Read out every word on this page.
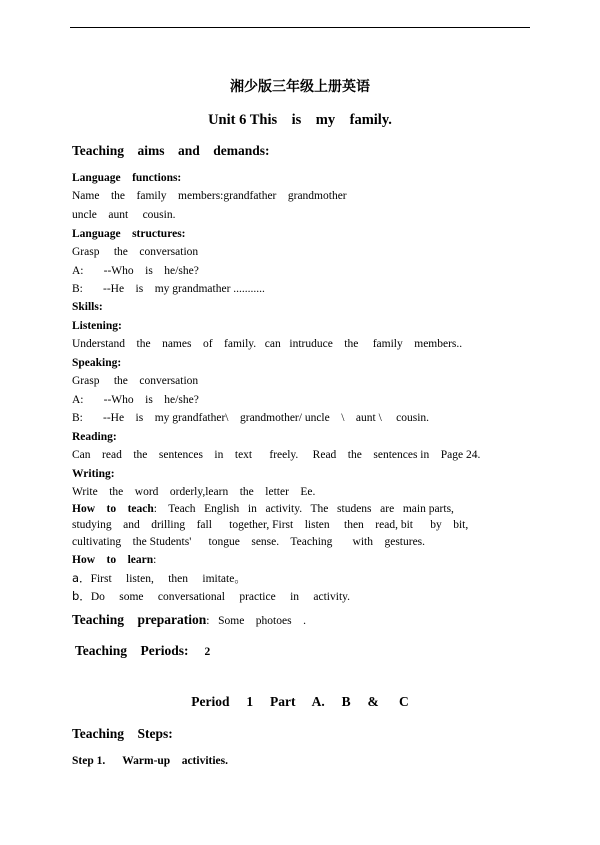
湘少版三年级上册英语
Unit 6 This    is    my    family.
Teaching    aims    and    demands:
Language    functions:
Name    the    family    members:grandfather    grandmother
uncle    aunt     cousin.
Language    structures:
Grasp     the    conversation
A:       --Who    is    he/she?
B:       --He    is    my grandmather ...........
Skills:
Listening:
Understand    the    names    of    family.   can   intruduce    the     family    members..
Speaking:
Grasp     the    conversation
A:       --Who    is    he/she?
B:       --He    is    my grandfather\    grandmother/ uncle    \    aunt \     cousin.
Reading:
Can    read    the    sentences    in    text      freely.     Read    the    sentences in    Page 24.
Writing:
Write    the    word    orderly,learn    the    letter    Ee.
How    to    teach:    Teach   English   in   activity.   The   studens   are   main parts,
studying    and    drilling    fall      together, First    listen     then    read, bit      by    bit,
cultivating    the Students'      tongue    sense.    Teaching       with    gestures.
How    to    learn:
a．First     listen,     then     imitate。
b．Do     some     conversational     practice     in     activity.
Teaching    preparation:   Some    photoes    .
Teaching    Periods: 2
Period     1     Part     A.     B     &      C
Teaching    Steps:
Step 1.      Warm-up    activities.
